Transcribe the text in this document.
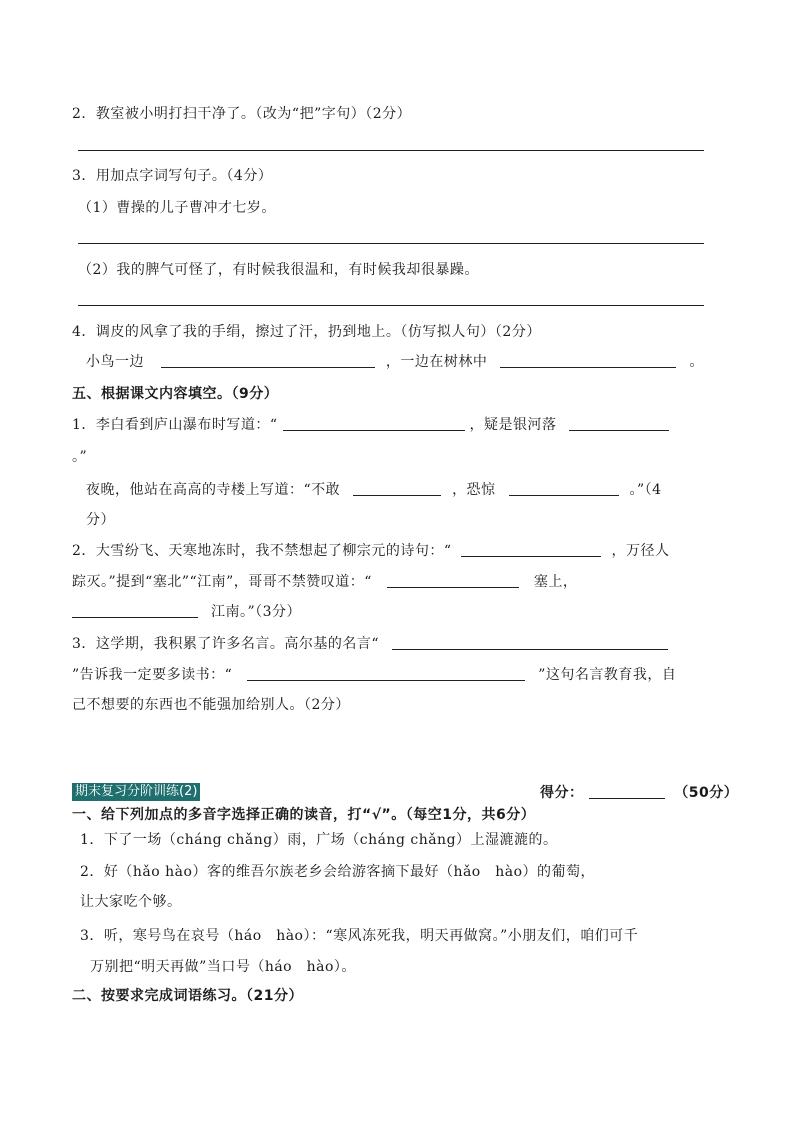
2．教室被小明打扫干净了。（改为“把”字句）（2分）
3．用加点字词写句子。（4分）
（1）曹操的儿子曹冲才七岁。
（2）我的脾气可怪了，有时候我很温和，有时候我却很暴躁。
4．调皮的风拿了我的手绢，擦过了汗，扔到地上。（仿写拟人句）（2分）
小鸟一边	，一边在树林中	。
五、根据课文内容填空。（9分）
1．李白看到庐山瀑布时写道：“	，疑是银河落
。”
夜晚，他站在高高的寺楼上写道：“不敢	，恐惊	。”（4
分）
2．大雪纷飞、天寒地冻时，我不禁想起了柳宗元的诗句：“	，万径人
踪灭。”提到“塞北”“江南”，哥哥不禁赞叹道：“	塞上，
江南。”（3分）
3．这学期，我积累了许多名言。高尔基的名言“
”告诉我一定要多读书：“	”这句名言教育我，自
己不想要的东西也不能强加给别人。（2分）
期末复习分阶训练(2)	得分：	（50分）
一、给下列加点的多音字选择正确的读音，打“√”。（每空1分，共6分）
1．下了一场（cháng chǎng）雨，广场（cháng chǎng）上湿漉漉的。
2．好（hǎo hào）客的维吾尔族老乡会给游客摘下最好（hǎo　hào）的葡萄，
让大家吃个够。
3．听，寒号鸟在哀号（háo　hào）：“寒风冻死我，明天再做窝。”小朋友们，咱们可千
万别把“明天再做”当口号（háo　hào）。
二、按要求完成词语练习。（21分）
